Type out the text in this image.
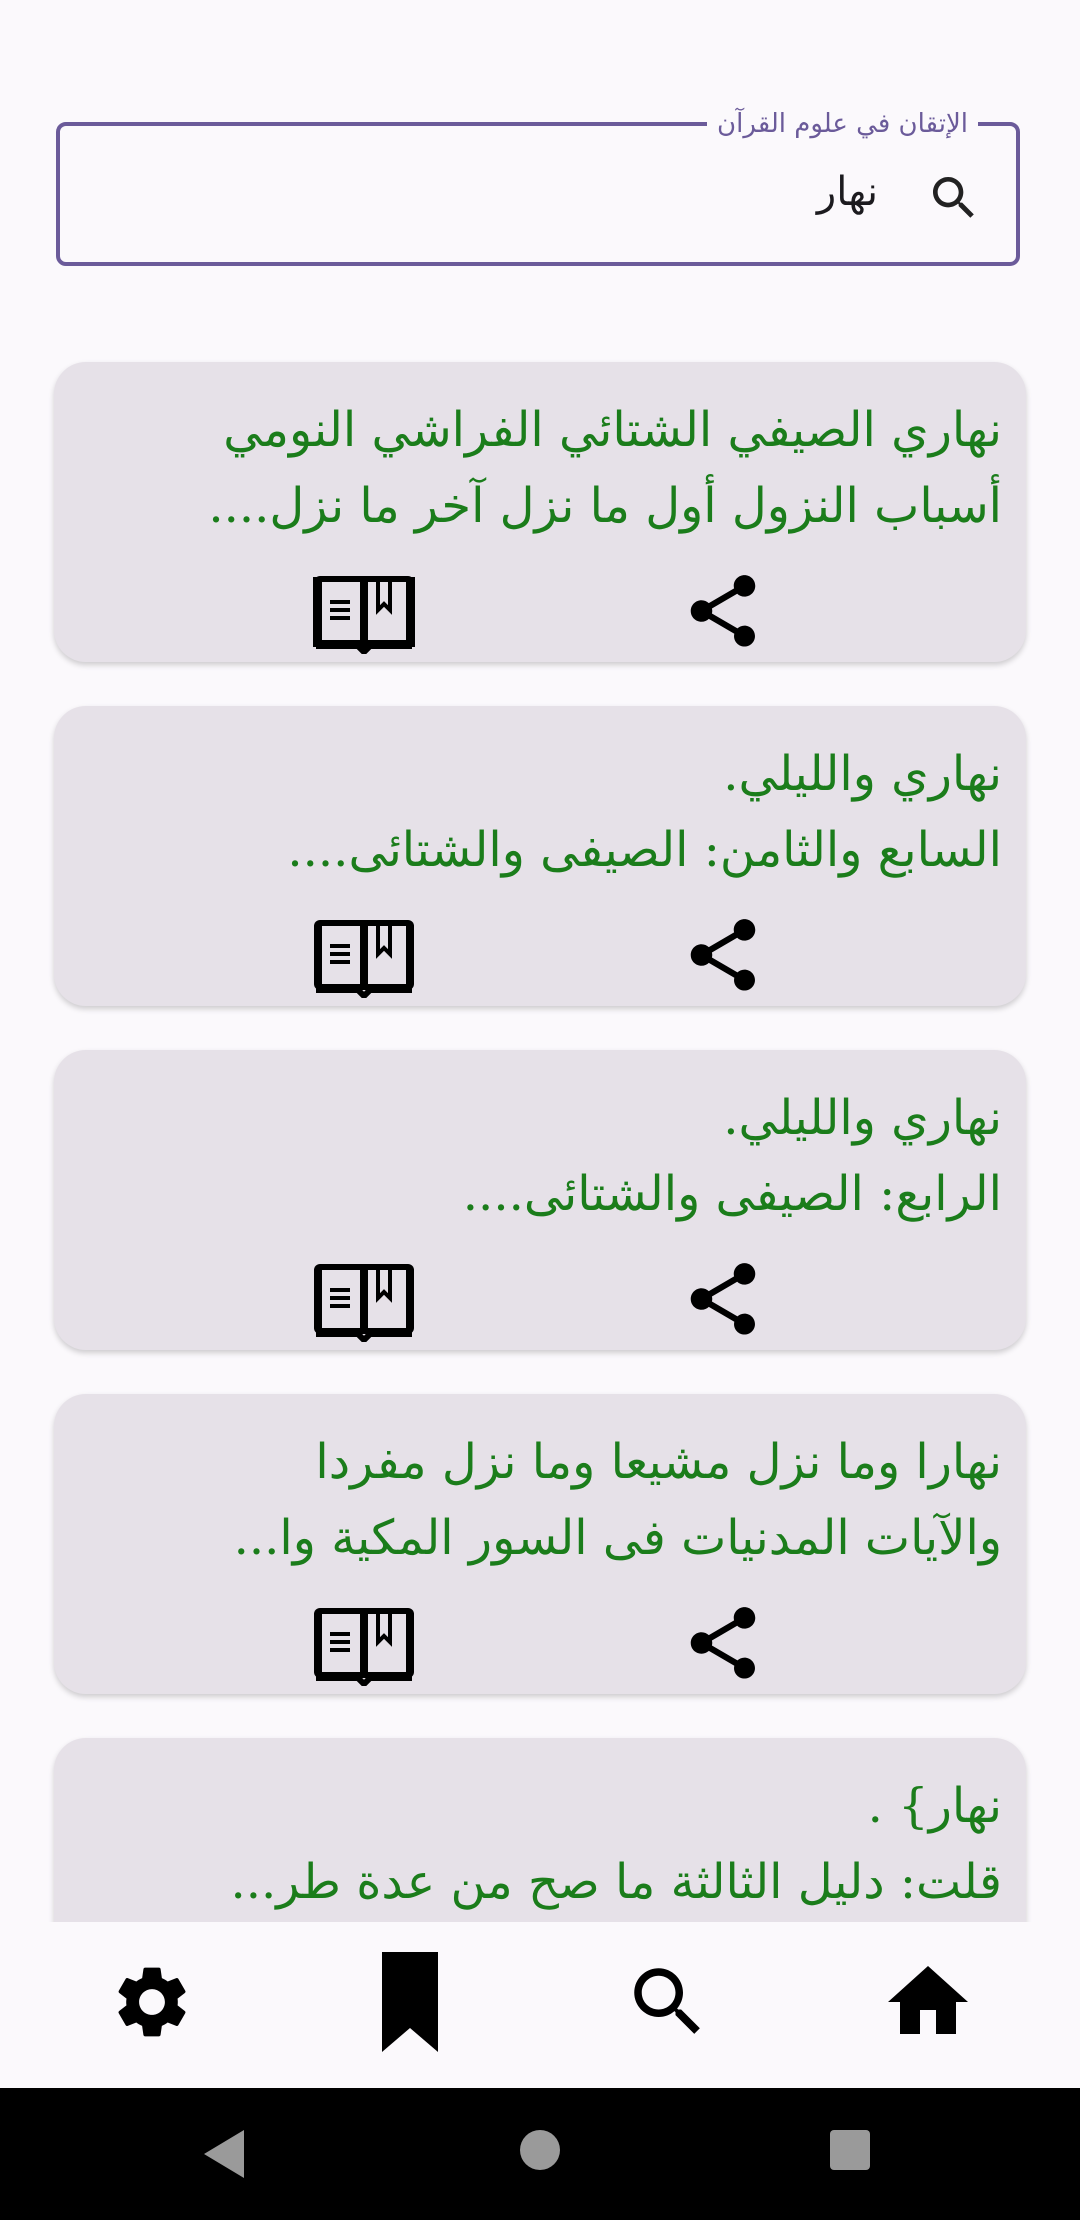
نهاري الصيفي الشتائي الفراشي النومي
أسباب النزول أول ما نزل آخر ما نزل....
نهاري والليلي.
السابع والثامن: الصيفى والشتائى....
نهاري والليلي.
الرابع: الصيفى والشتائى....
نهارا وما نزل مشيعا وما نزل مفردا
والآيات المدنيات فى السور المكية وا...
نهار} .
قلت: دليل الثالثة ما صح من عدة طر...
الإتقان في علوم القرآن
نهار
